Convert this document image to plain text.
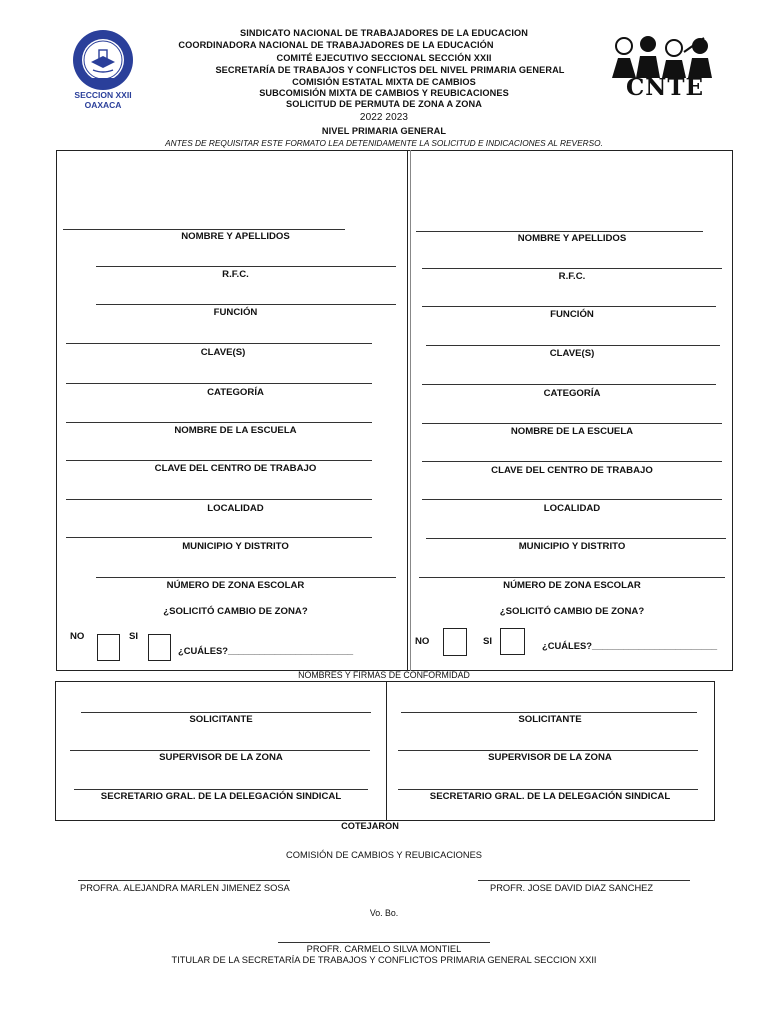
SINDICATO NACIONAL DE TRABAJADORES DE LA EDUCACION
COORDINADORA NACIONAL DE TRABAJADORES DE LA EDUCACIÓN
COMITÉ EJECUTIVO SECCIONAL SECCIÓN XXII
SECRETARÍA DE TRABAJOS Y CONFLICTOS DEL NIVEL PRIMARIA GENERAL
COMISIÓN ESTATAL MIXTA DE CAMBIOS
SUBCOMISIÓN MIXTA DE CAMBIOS Y REUBICACIONES
SOLICITUD DE PERMUTA DE ZONA A ZONA
2022 2023
NIVEL PRIMARIA GENERAL
ANTES DE REQUISITAR ESTE FORMATO LEA DETENIDAMENTE LA SOLICITUD E INDICACIONES AL REVERSO.
SECCION XXII
OAXACA
CNTE
NOMBRE Y APELLIDOS
R.F.C.
FUNCIÓN
CLAVE(S)
CATEGORÍA
NOMBRE DE LA ESCUELA
CLAVE DEL CENTRO DE TRABAJO
LOCALIDAD
MUNICIPIO Y DISTRITO
NÚMERO DE ZONA ESCOLAR
¿SOLICITÓ CAMBIO DE ZONA?
NO	SI
¿CUÁLES?________________________
NOMBRE Y APELLIDOS
R.F.C.
FUNCIÓN
CLAVE(S)
CATEGORÍA
NOMBRE DE LA ESCUELA
CLAVE DEL CENTRO DE TRABAJO
LOCALIDAD
MUNICIPIO Y DISTRITO
NÚMERO DE ZONA ESCOLAR
¿SOLICITÓ CAMBIO DE ZONA?
NO	SI	¿CUÁLES?________________________
NOMBRES Y FIRMAS DE CONFORMIDAD
SOLICITANTE
SUPERVISOR DE LA ZONA
SECRETARIO GRAL. DE LA DELEGACIÓN SINDICAL
SOLICITANTE
SUPERVISOR DE LA ZONA
SECRETARIO GRAL. DE LA DELEGACIÓN SINDICAL
COTEJARON
COMISIÓN DE CAMBIOS Y REUBICACIONES
PROFRA. ALEJANDRA MARLEN JIMENEZ SOSA	PROFR. JOSE DAVID DIAZ SANCHEZ
Vo. Bo.
PROFR. CARMELO SILVA MONTIEL
TITULAR DE LA SECRETARÍA DE TRABAJOS Y CONFLICTOS PRIMARIA GENERAL SECCION XXII
